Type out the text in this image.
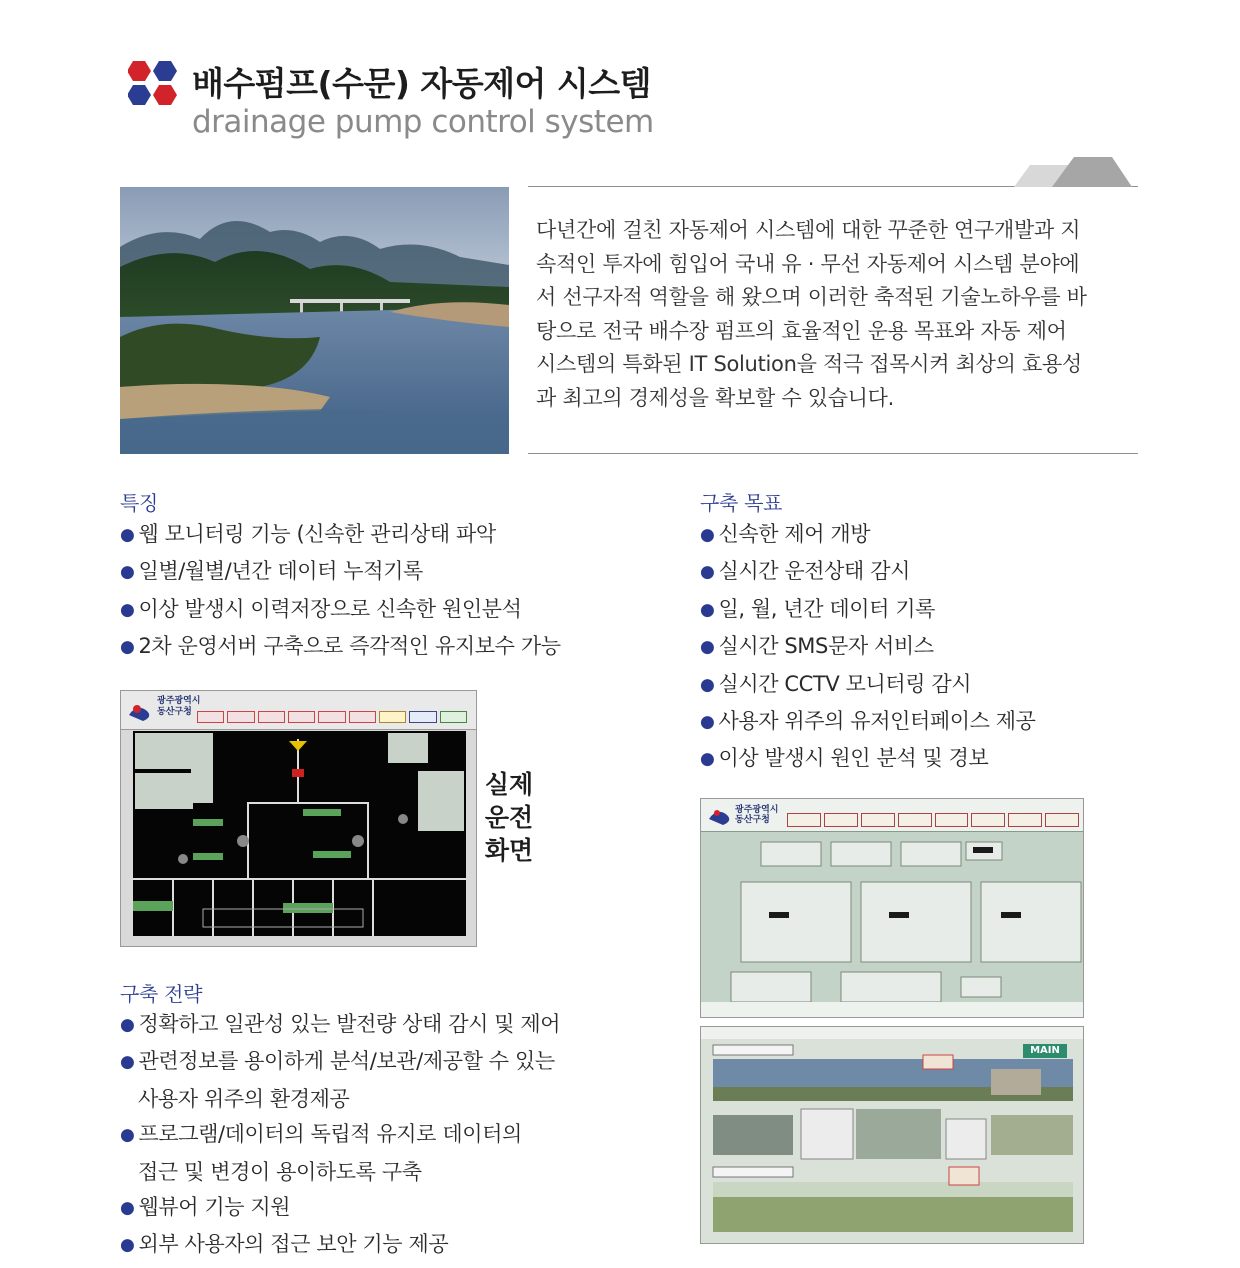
배수펌프(수문) 자동제어 시스템
drainage pump control system
다년간에 걸친 자동제어 시스템에 대한 꾸준한 연구개발과 지
속적인 투자에 힘입어 국내 유 · 무선 자동제어 시스템 분야에
서 선구자적 역할을 해 왔으며 이러한 축적된 기술노하우를 바
탕으로 전국 배수장 펌프의 효율적인 운용 목표와 자동 제어
시스템의 특화된 IT Solution을 적극 접목시켜 최상의 효용성
과 최고의 경제성을 확보할 수 있습니다.
특징
● 웹 모니터링 기능 (신속한 관리상태 파악
● 일별/월별/년간 데이터 누적기록
● 이상 발생시 이력저장으로 신속한 원인분석
● 2차 운영서버 구축으로 즉각적인 유지보수 가능
구축 목표
● 신속한 제어 개방
● 실시간 운전상태 감시
● 일, 월, 년간 데이터 기록
● 실시간 SMS문자 서비스
● 실시간 CCTV 모니터링 감시
● 사용자 위주의 유저인터페이스 제공
● 이상 발생시 원인 분석 및 경보
광주광역시
동산구청
실제
운전
화면
구축 전략
● 정확하고 일관성 있는 발전량 상태 감시 및 제어
● 관련정보를 용이하게 분석/보관/제공할 수 있는
사용자 위주의 환경제공
● 프로그램/데이터의 독립적 유지로 데이터의
접근 및 변경이 용이하도록 구축
● 웹뷰어 기능 지원
● 외부 사용자의 접근 보안 기능 제공
광주광역시
동산구청
MAIN
